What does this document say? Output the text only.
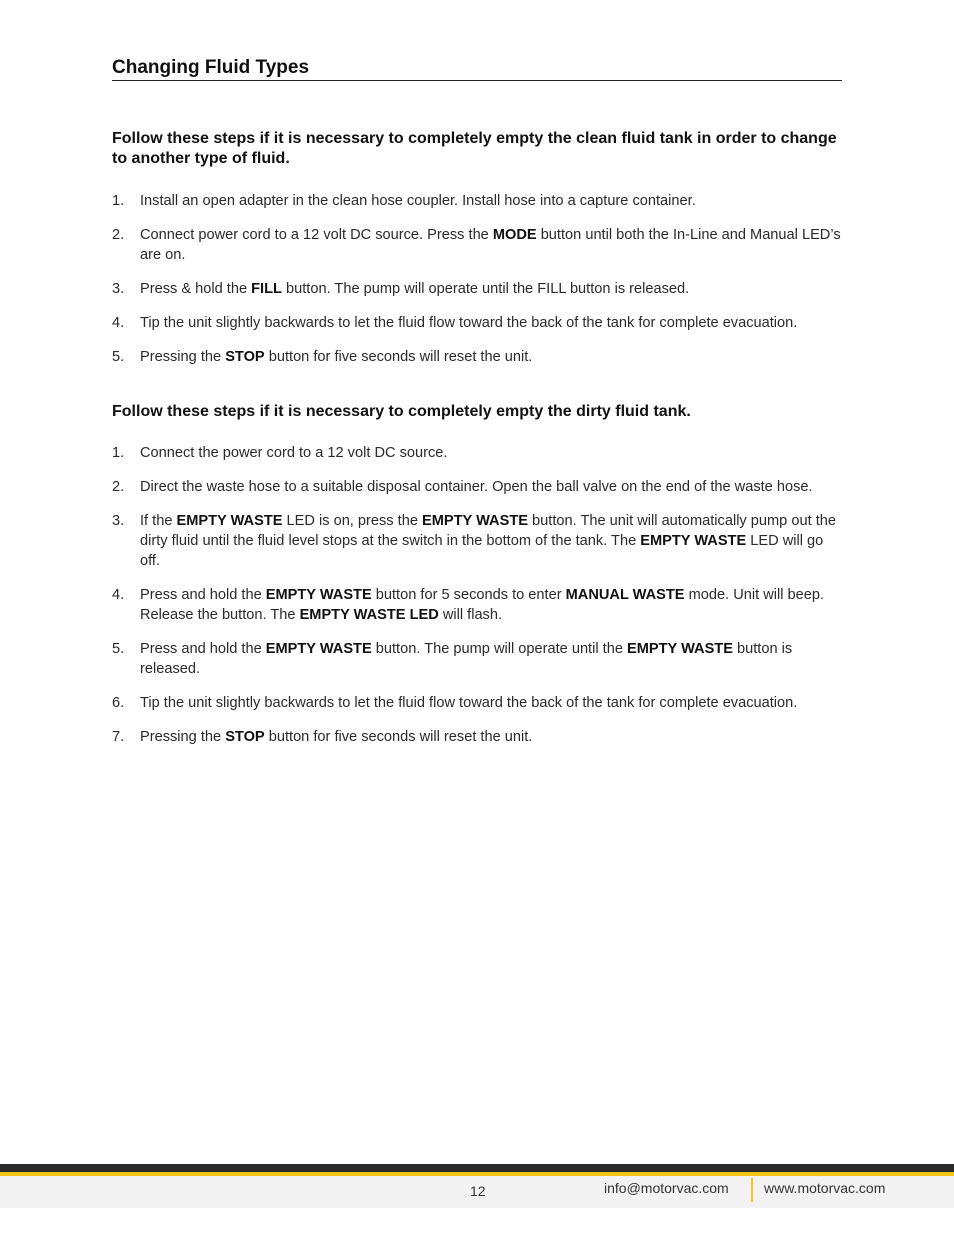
Changing Fluid Types
Follow these steps if it is necessary to completely empty the clean fluid tank in order to change to another type of fluid.
1. Install an open adapter in the clean hose coupler. Install hose into a capture container.
2. Connect power cord to a 12 volt DC source. Press the MODE button until both the In-Line and Manual LED’s are on.
3. Press & hold the FILL button. The pump will operate until the FILL button is released.
4. Tip the unit slightly backwards to let the fluid flow toward the back of the tank for complete evacuation.
5. Pressing the STOP button for five seconds will reset the unit.
Follow these steps if it is necessary to completely empty the dirty fluid tank.
1. Connect the power cord to a 12 volt DC source.
2. Direct the waste hose to a suitable disposal container. Open the ball valve on the end of the waste hose.
3. If the EMPTY WASTE LED is on, press the EMPTY WASTE button. The unit will automatically pump out the dirty fluid until the fluid level stops at the switch in the bottom of the tank. The EMPTY WASTE LED will go off.
4. Press and hold the EMPTY WASTE button for 5 seconds to enter MANUAL WASTE mode. Unit will beep. Release the button. The EMPTY WASTE LED will flash.
5. Press and hold the EMPTY WASTE button. The pump will operate until the EMPTY WASTE button is released.
6. Tip the unit slightly backwards to let the fluid flow toward the back of the tank for complete evacuation.
7. Pressing the STOP button for five seconds will reset the unit.
12	info@motorvac.com	www.motorvac.com
